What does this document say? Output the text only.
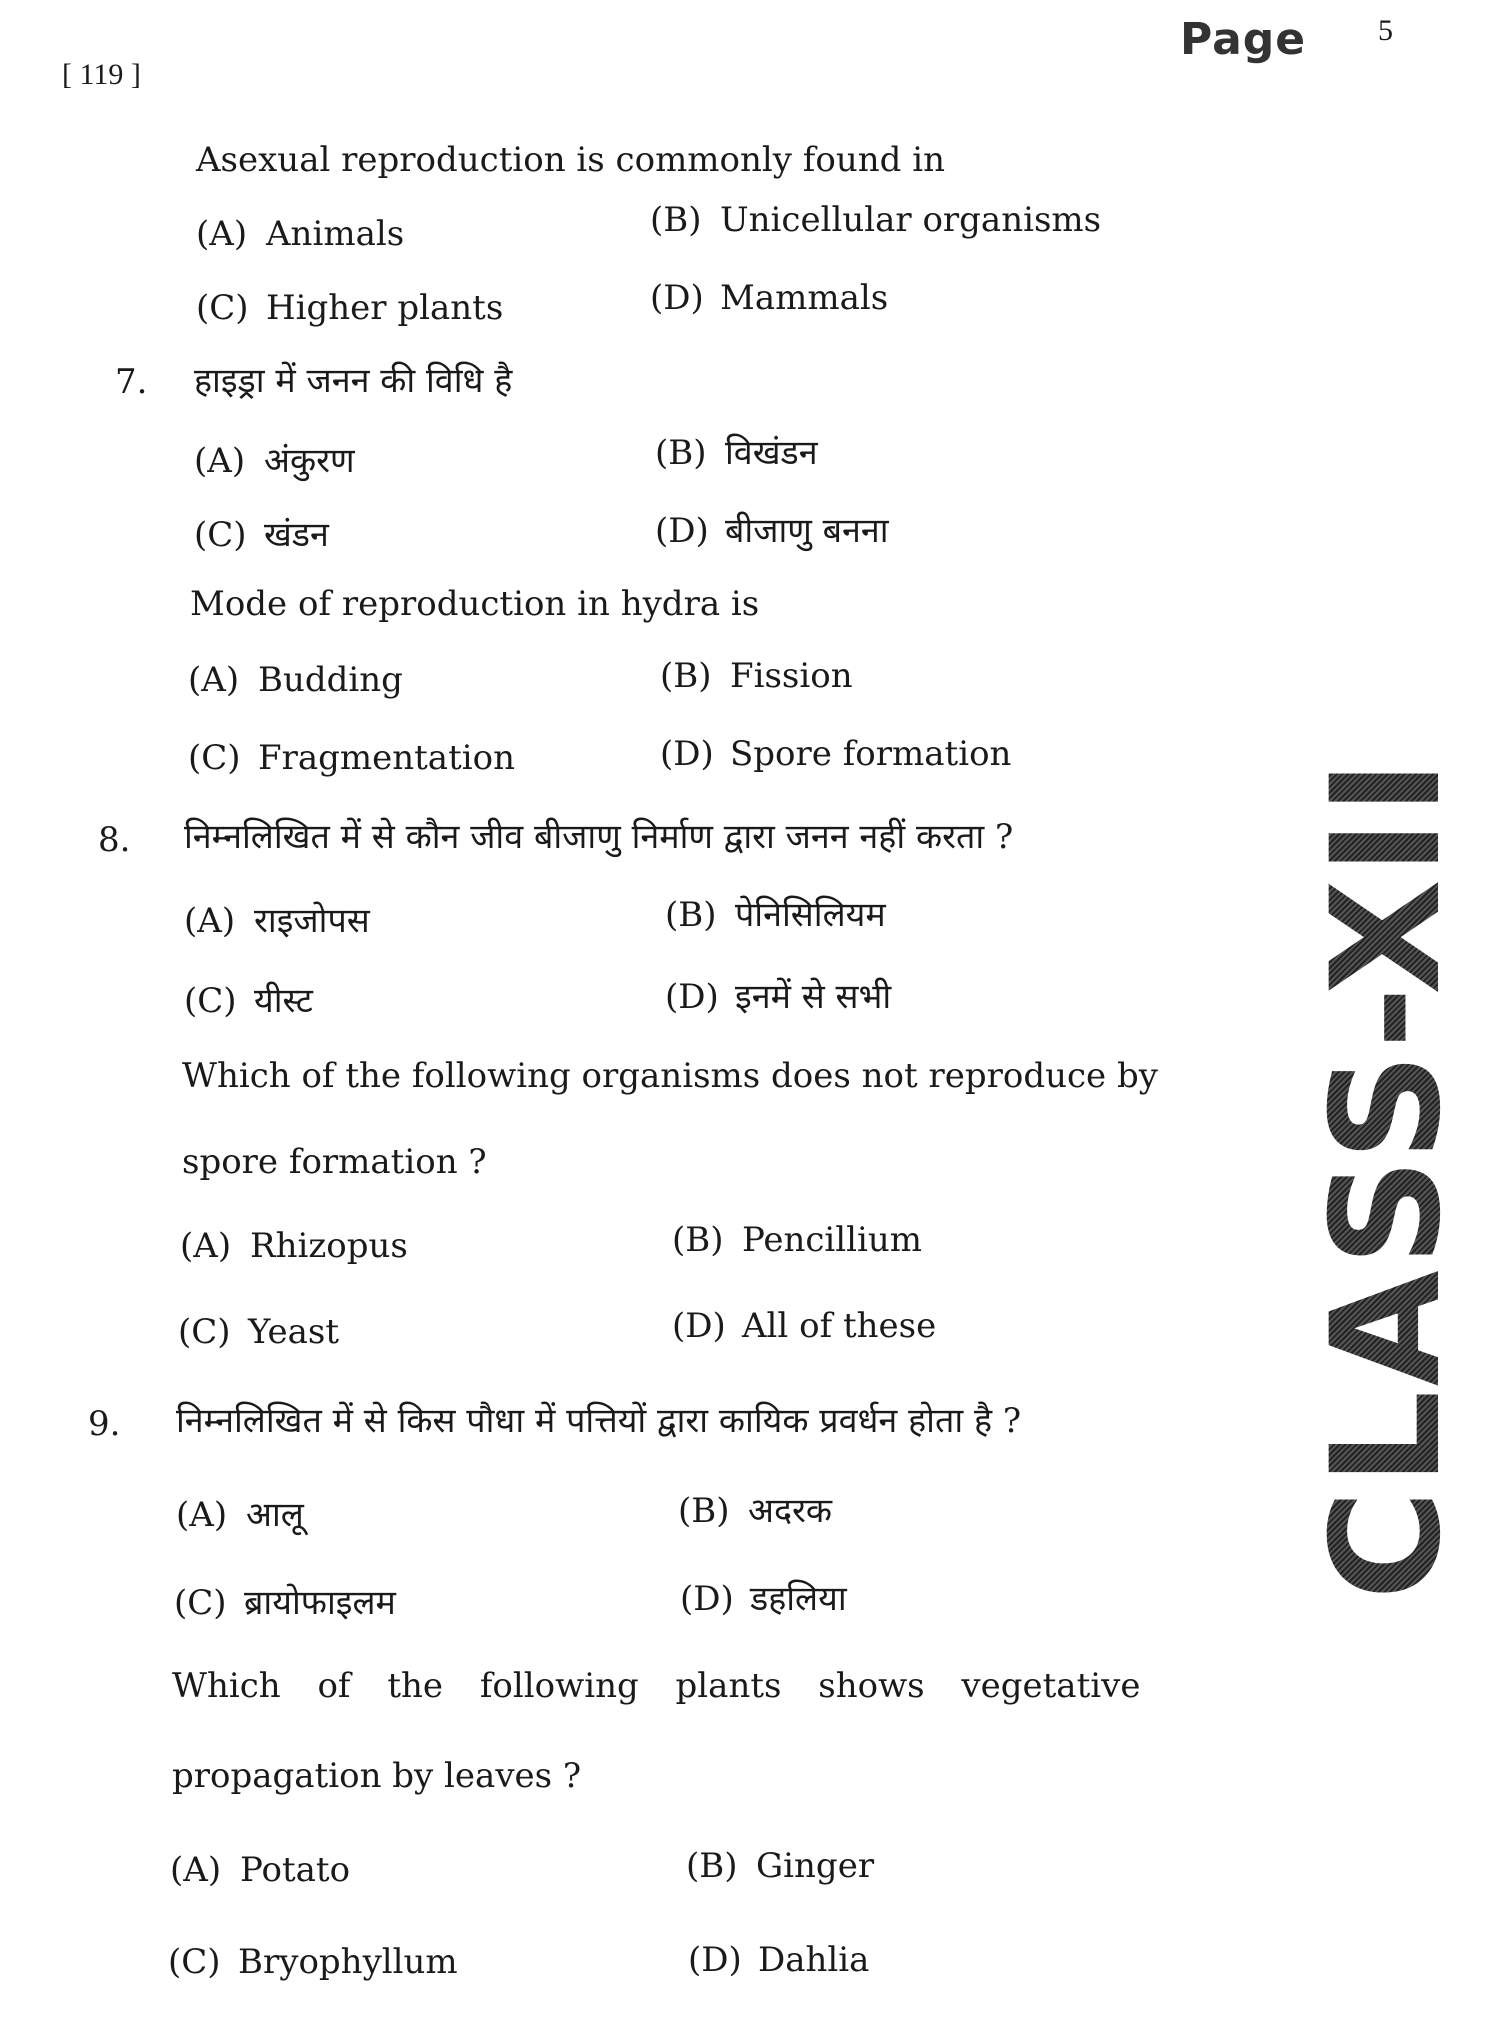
[ 119 ]
Page 5
Asexual reproduction is commonly found in
(A) Animals	(B) Unicellular organisms
(C) Higher plants	(D) Mammals
7. हाइड्रा में जनन की विधि है
(A) अंकुरण	(B) विखंडन
(C) खंडन	(D) बीजाणु बनना
Mode of reproduction in hydra is
(A) Budding	(B) Fission
(C) Fragmentation	(D) Spore formation
8. निम्नलिखित में से कौन जीव बीजाणु निर्माण द्वारा जनन नहीं करता ?
(A) राइजोपस	(B) पेनिसिलियम
(C) यीस्ट	(D) इनमें से सभी
Which of the following organisms does not reproduce by
spore formation ?
(A) Rhizopus	(B) Pencillium
(C) Yeast	(D) All of these
9. निम्नलिखित में से किस पौधा में पत्तियों द्वारा कायिक प्रवर्धन होता है ?
(A) आलू	(B) अदरक
(C) ब्रायोफाइलम	(D) डहलिया
Which of the following plants shows vegetative
propagation by leaves ?
(A) Potato	(B) Ginger
(C) Bryophyllum	(D) Dahlia
CLASS-XII
